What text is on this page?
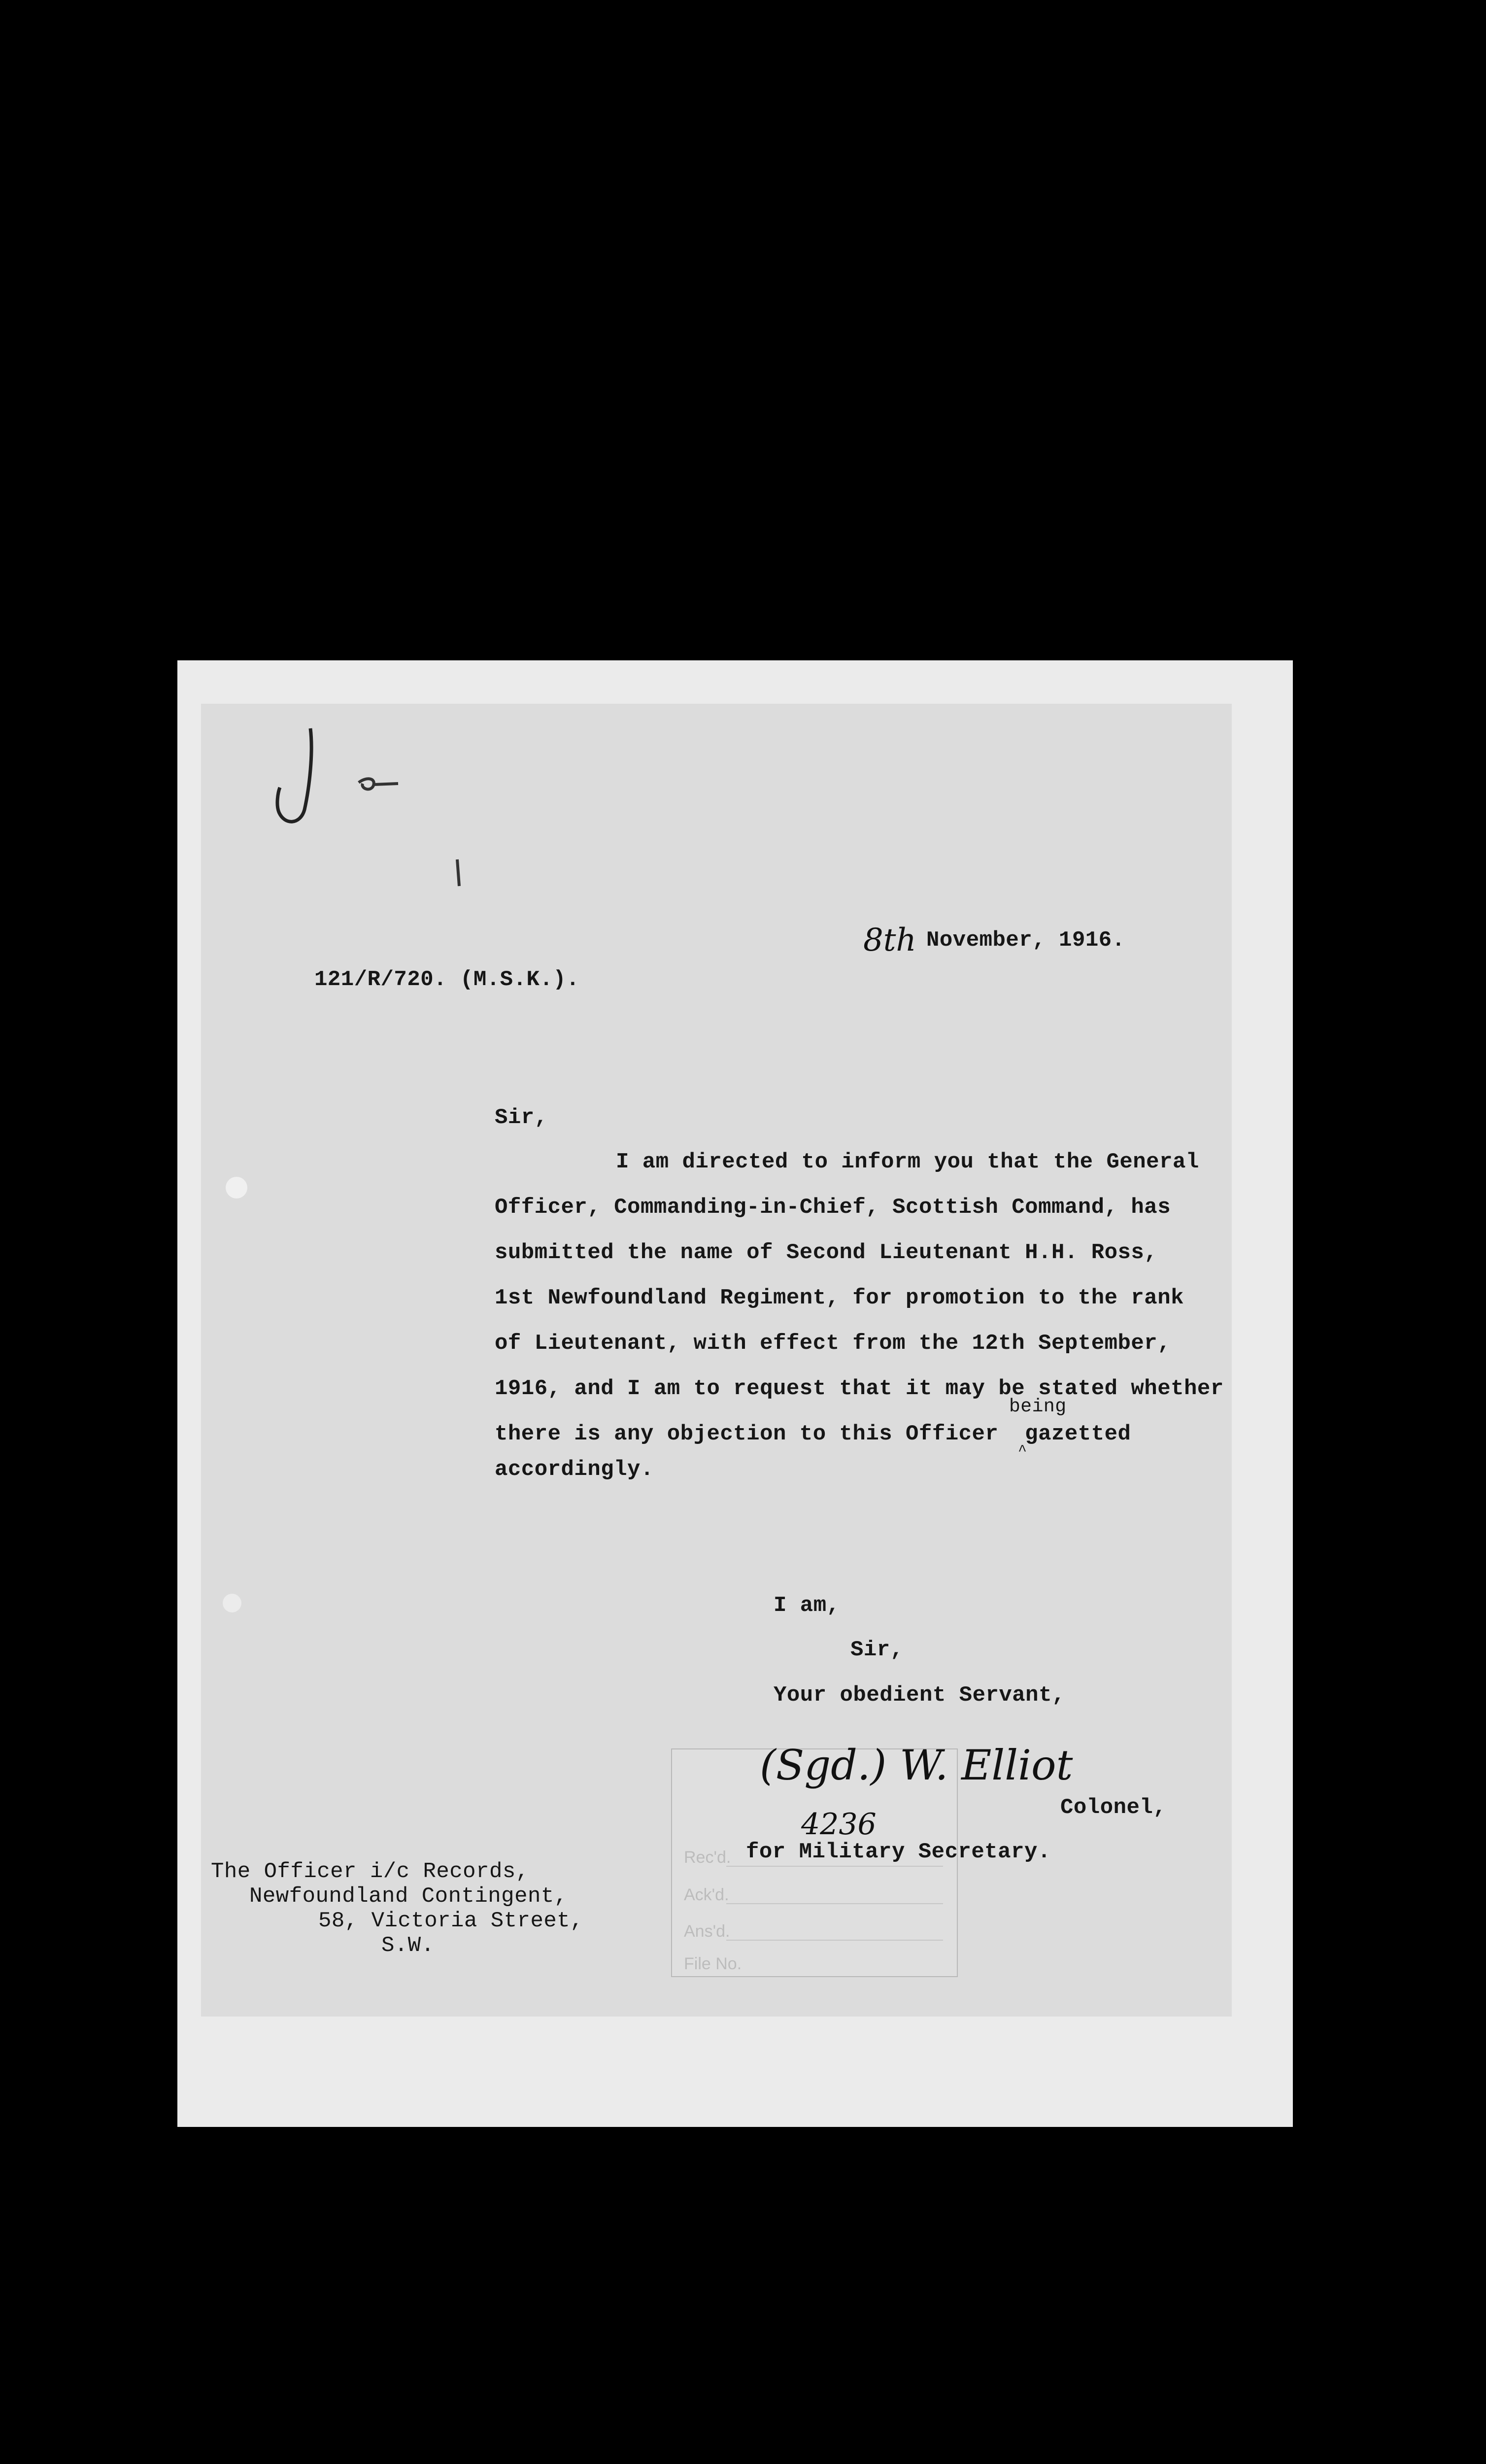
8th November, 1916.
121/R/720. (M.S.K.).
Sir,
I am directed to inform you that the General
Officer, Commanding-in-Chief, Scottish Command, has
submitted the name of Second Lieutenant H.H. Ross,
1st Newfoundland Regiment, for promotion to the rank
of Lieutenant, with effect from the 12th September,
1916, and I am to request that it may be stated whether
being
there is any objection to this Officer  gazetted
^
accordingly.
I am,
Sir,
Your obedient Servant,
Rec'd.
Ack'd.
Ans'd.
File No.
(Sgd.) W. Elliot
Colonel,
4236
for Military Secretary.
The Officer i/c Records,
Newfoundland Contingent,
58, Victoria Street,
S.W.
